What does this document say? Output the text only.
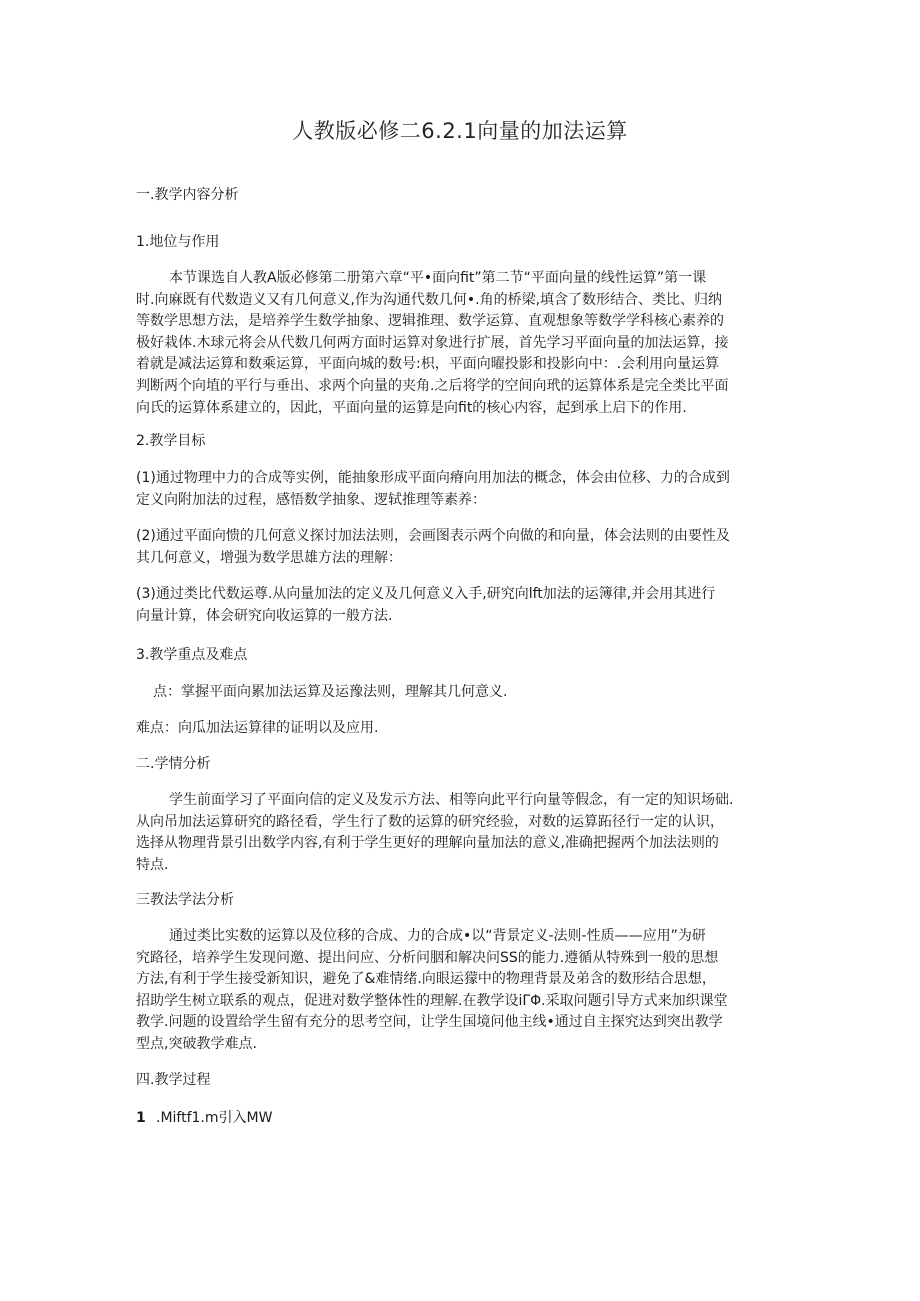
人教版必修二6.2.1向量的加法运算
一.教学内容分析
1.地位与作用
本节课选自人教A版必修第二册第六章“平•面向fit”第二节“平面向量的线性运算”第一课
时.向麻既有代数造义又有几何意义,作为沟通代数几何•.角的桥梁,填含了数形结合、类比、归纳
等数学思想方法，是培养学生数学抽象、逻辑推理、数学运算、直观想象等数学学科核心素养的
极好栽体.木球元将会从代数几何两方面时运算对象进行扩展，首先学习平面向量的加法运算，接
着就是减法运算和数乘运算，平面向城的数号:枳，平面向曜投影和投影向中：.会利用向量运算
判断两个向埴的平行与垂出、求两个向量的夹角.之后将学的空间向玳的运算体系是完全类比平面
向氏的运算体系建立的，因此，平面向量的运算是向fit的核心内容，起到承上启下的作用.
2.教学目标
(1)通过物理中力的合成等实例，能抽象形成平面向瘠向用加法的概念，体会由位移、力的合成到
定义向附加法的过程，感悟数学抽象、逻轼推理等素养：
(2)通过平面向愦的几何意义探讨加法法则，会画图表示两个向做的和向量，体会法则的由要性及
其几何意义，增强为数学思雄方法的理解：
(3)通过类比代数运尊.从向量加法的定义及几何意义入手,研究向lft加法的运簿律,并会用其进行
向量计算，体会研究向收运算的一般方法.
3.教学重点及难点
点：掌握平面向累加法运算及运豫法则，理解其几何意义.
难点：向瓜加法运算律的证明以及应用.
二.学情分析
学生前面学习了平面向信的定义及发示方法、相等向此平行向量等假念，有一定的知识场础.
从向吊加法运算研究的路径看，学生行了数的运算的研究经验，对数的运算跖径行一定的认识，
选择从物理背景引出数学内容,有利于学生更好的理解向量加法的意义,准确把握两个加法法则的
特点.
三教法学法分析
通过类比实数的运算以及位移的合成、力的合成•以“背景定义-法则-性质——应用”为研
究路径，培养学生发现问邀、提出问应、分析问胭和解决问SS的能力.遵循从特殊到一般的思想
方法,有利于学生接受新知识，避免了&难情绪.向眼运獴中的物理背景及弟含的数形结合思想，
招助学生树立联系的观点，促进对数学整体性的理解.在教学设iΓΦ.采取问题引导方式来加织课堂
教学.问题的设置给学生留有充分的思考空间，让学生国境问他主线•通过自主探究达到突出教学
型点,突破教学难点.
四.教学过程
1 .Miftf1.m引入MW
